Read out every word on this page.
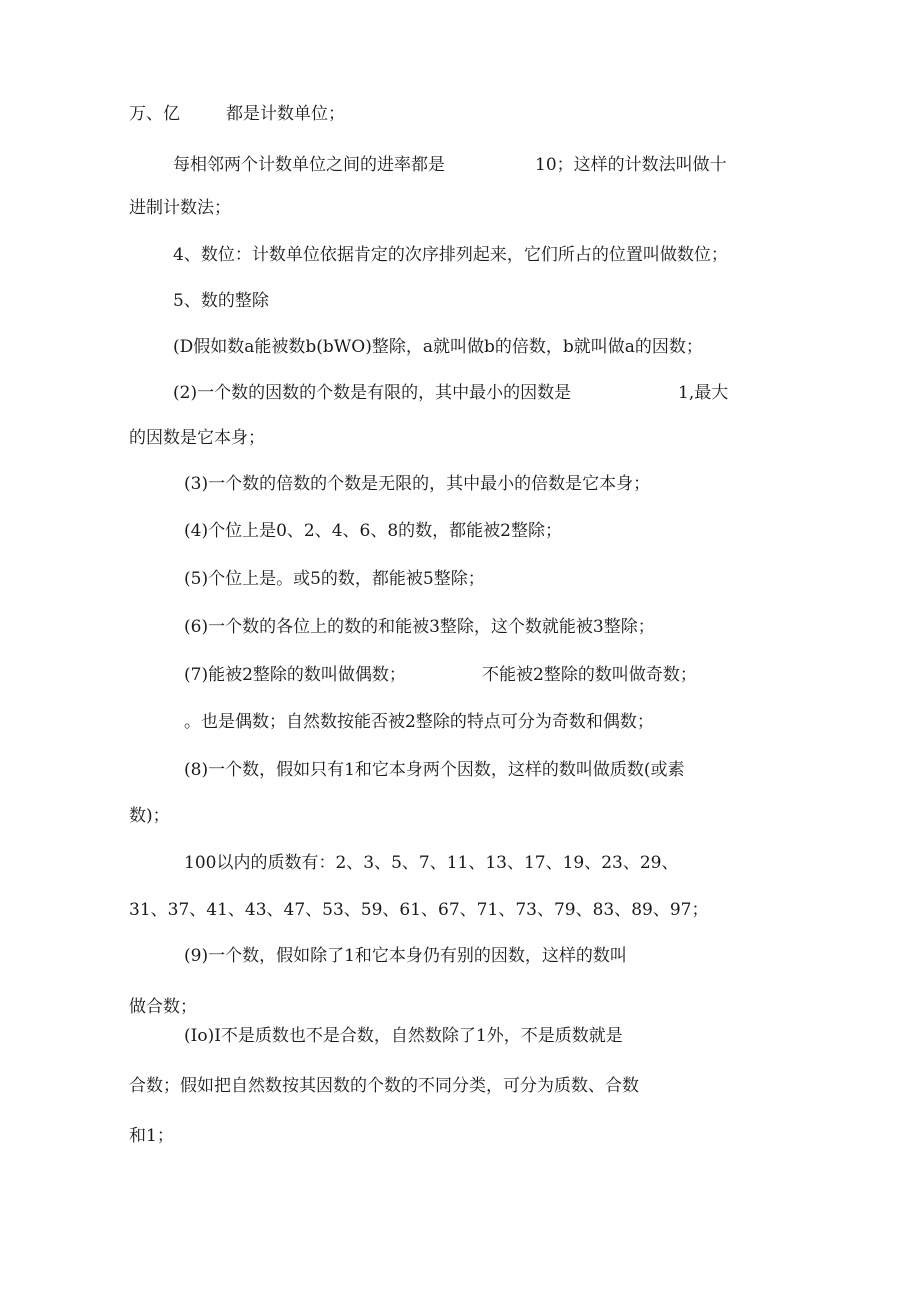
万、亿	都是计数单位；

每相邻两个计数单位之间的进率都是	10；这样的计数法叫做十

进制计数法；

4、数位：计数单位依据肯定的次序排列起来，它们所占的位置叫做数位；

5、数的整除

(D假如数a能被数b(bWO)整除，a就叫做b的倍数，b就叫做a的因数；

(2)一个数的因数的个数是有限的，其中最小的因数是	1,最大

的因数是它本身；

(3)一个数的倍数的个数是无限的，其中最小的倍数是它本身；

(4)个位上是0、2、4、6、8的数，都能被2整除；

(5)个位上是。或5的数，都能被5整除；

(6)一个数的各位上的数的和能被3整除，这个数就能被3整除；

(7)能被2整除的数叫做偶数；	不能被2整除的数叫做奇数；

。也是偶数；自然数按能否被2整除的特点可分为奇数和偶数；

(8)一个数，假如只有1和它本身两个因数，这样的数叫做质数(或素

数)；

100以内的质数有：2、3、5、7、11、13、17、19、23、29、

31、37、41、43、47、53、59、61、67、71、73、79、83、89、97；

(9)一个数，假如除了1和它本身仍有别的因数，这样的数叫

做合数；

(Io)I不是质数也不是合数，自然数除了1外，不是质数就是

合数；假如把自然数按其因数的个数的不同分类，可分为质数、合数

和1；
